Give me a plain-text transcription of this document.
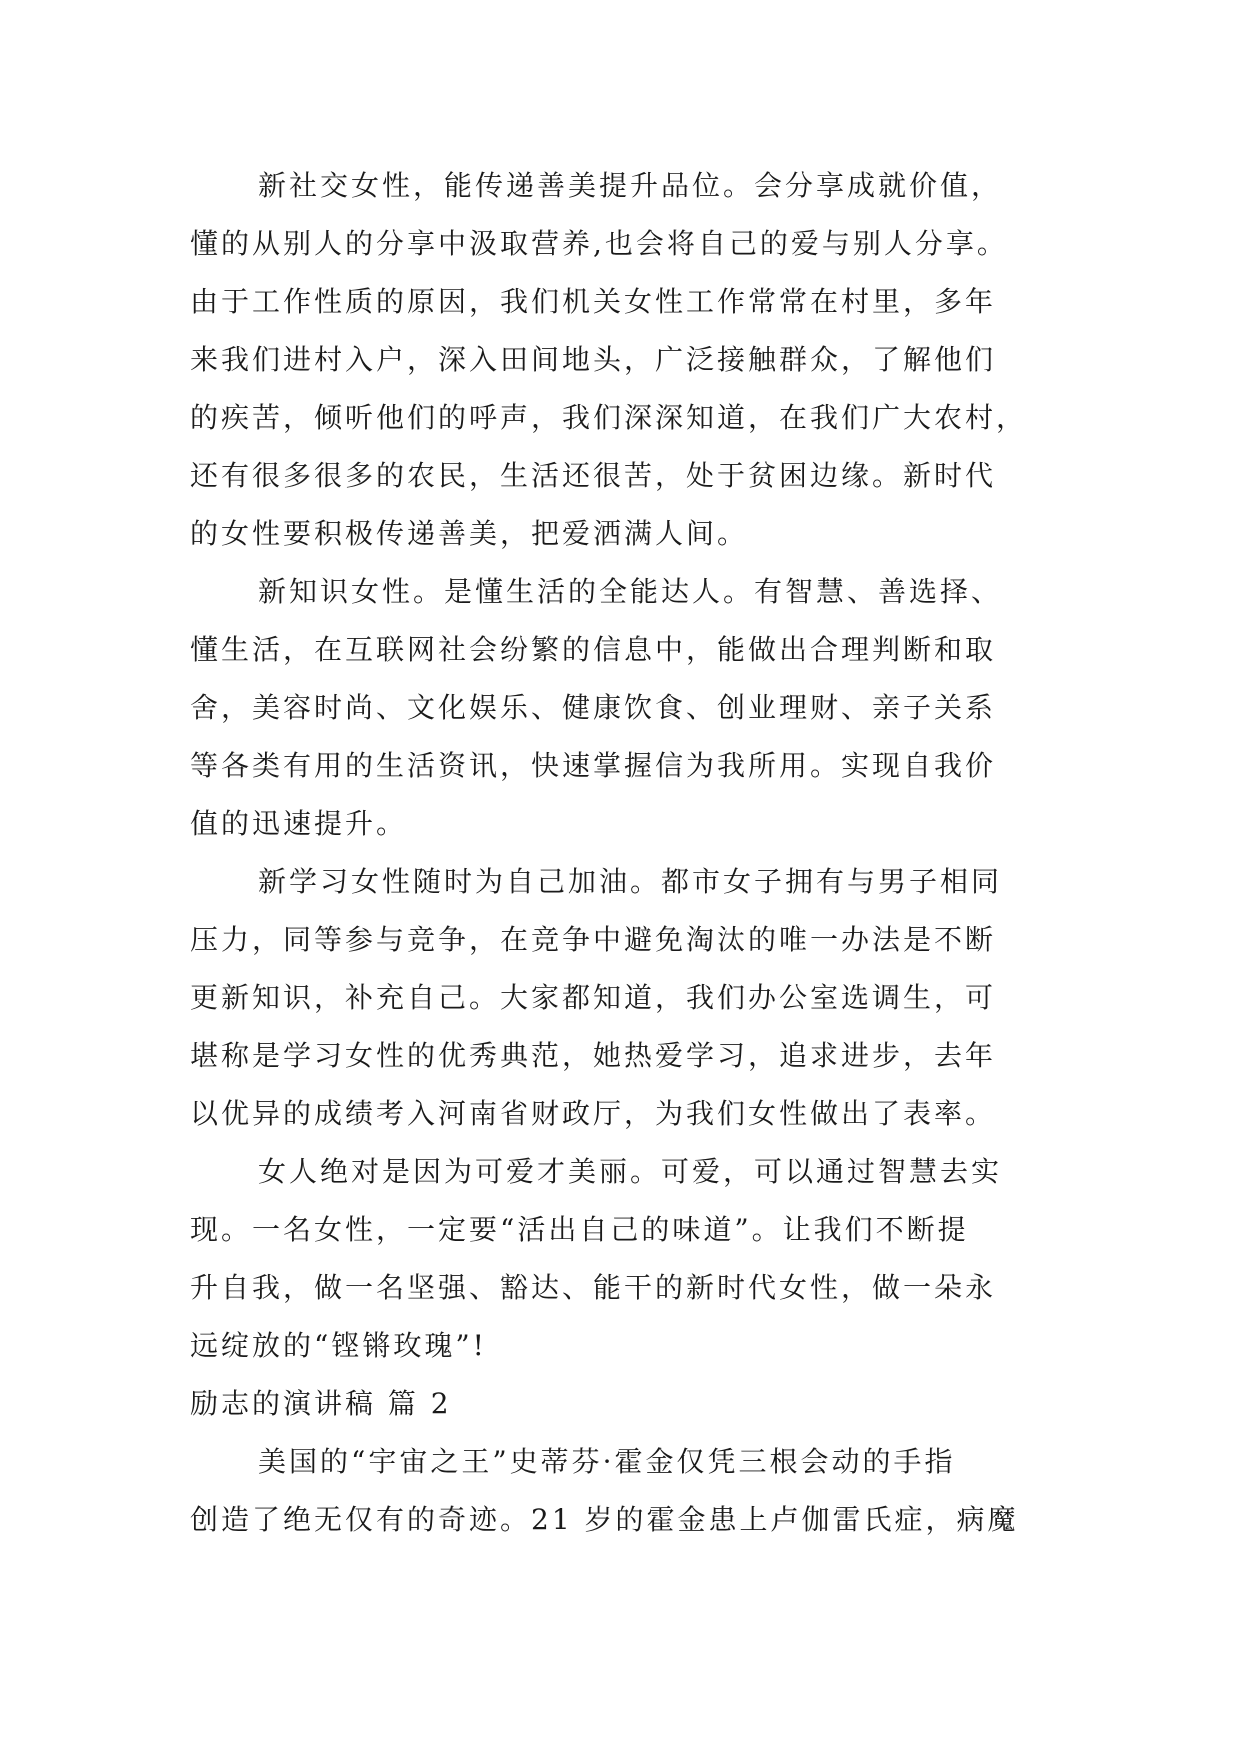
新社交女性，能传递善美提升品位。会分享成就价值，
懂的从别人的分享中汲取营养,也会将自己的爱与别人分享。
由于工作性质的原因，我们机关女性工作常常在村里，多年
来我们进村入户，深入田间地头，广泛接触群众，了解他们
的疾苦，倾听他们的呼声，我们深深知道，在我们广大农村，
还有很多很多的农民，生活还很苦，处于贫困边缘。新时代
的女性要积极传递善美，把爱洒满人间。
新知识女性。是懂生活的全能达人。有智慧、善选择、
懂生活，在互联网社会纷繁的信息中，能做出合理判断和取
舍，美容时尚、文化娱乐、健康饮食、创业理财、亲子关系
等各类有用的生活资讯，快速掌握信为我所用。实现自我价
值的迅速提升。
新学习女性随时为自己加油。都市女子拥有与男子相同
压力，同等参与竞争，在竞争中避免淘汰的唯一办法是不断
更新知识，补充自己。大家都知道，我们办公室选调生，可
堪称是学习女性的优秀典范，她热爱学习，追求进步，去年
以优异的成绩考入河南省财政厅，为我们女性做出了表率。
女人绝对是因为可爱才美丽。可爱，可以通过智慧去实
现。一名女性，一定要“活出自己的味道”。让我们不断提
升自我，做一名坚强、豁达、能干的新时代女性，做一朵永
远绽放的“铿锵玫瑰”!
励志的演讲稿 篇 2
美国的“宇宙之王”史蒂芬·霍金仅凭三根会动的手指
创造了绝无仅有的奇迹。21 岁的霍金患上卢伽雷氏症，病魔
